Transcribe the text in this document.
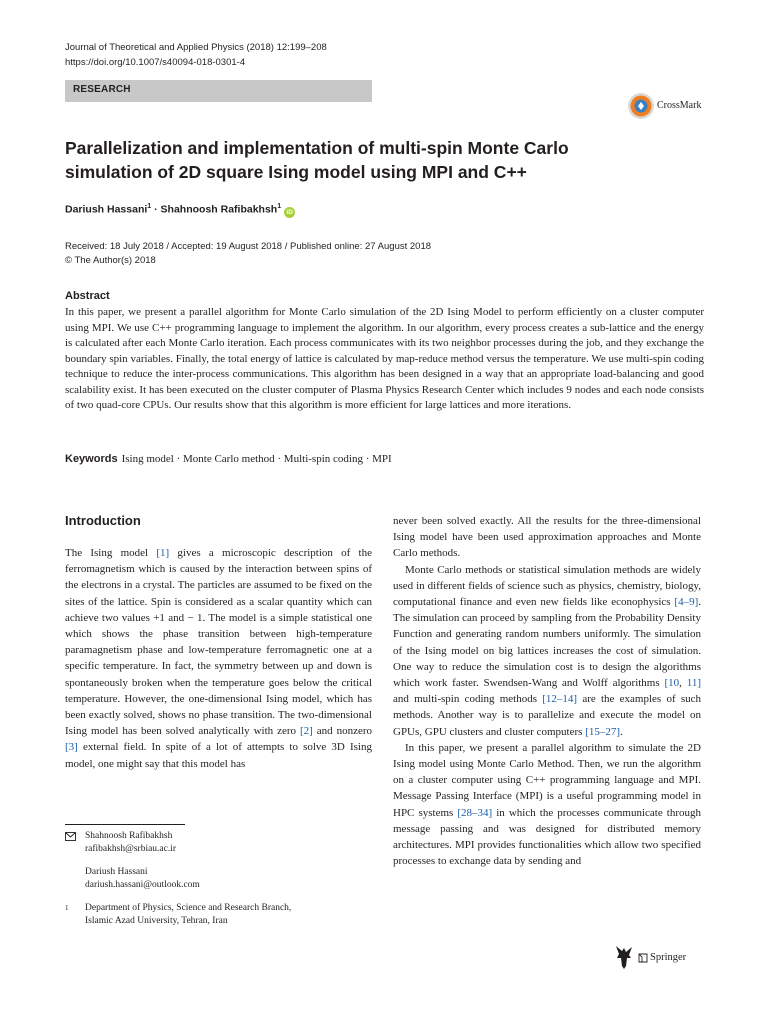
Journal of Theoretical and Applied Physics (2018) 12:199–208
https://doi.org/10.1007/s40094-018-0301-4
RESEARCH
CrossMark
Parallelization and implementation of multi-spin Monte Carlo
simulation of 2D square Ising model using MPI and C++
Dariush Hassani$^1$ · Shahnoosh Rafibakhsh$^1$iD
Received: 18 July 2018 / Accepted: 19 August 2018 / Published online: 27 August 2018
© The Author(s) 2018
Abstract
In this paper, we present a parallel algorithm for Monte Carlo simulation of the 2D Ising Model to perform efficiently on a cluster computer using MPI. We use C++ programming language to implement the algorithm. In our algorithm, every process creates a sub-lattice and the energy is calculated after each Monte Carlo iteration. Each process communicates with its two neighbor processes during the job, and they exchange the boundary spin variables. Finally, the total energy of lattice is calculated by map-reduce method versus the temperature. We use multi-spin coding technique to reduce the inter-process communications. This algorithm has been designed in a way that an appropriate load-balancing and good scalability exist. It has been executed on the cluster computer of Plasma Physics Research Center which includes 9 nodes and each node consists of two quad-core CPUs. Our results show that this algorithm is more efficient for large lattices and more iterations.
Keywords Ising model · Monte Carlo method · Multi-spin coding · MPI
Introduction

The Ising model [1] gives a microscopic description of the ferromagnetism which is caused by the interaction between spins of the electrons in a crystal. The particles are assumed to be fixed on the sites of the lattice. Spin is considered as a scalar quantity which can achieve two values +1 and − 1. The model is a simple statistical one which shows the phase transition between high-temperature paramagnetism phase and low-temperature ferromagnetic one at a specific temperature. In fact, the symmetry between up and down is spontaneously broken when the temperature goes below the critical temperature. However, the one-dimensional Ising model, which has been exactly solved, shows no phase transition. The two-dimensional Ising model has been solved analytically with zero [2] and nonzero [3] external field. In spite of a lot of attempts to solve 3D Ising model, one might say that this model has

never been solved exactly. All the results for the three-dimensional Ising model have been used approximation approaches and Monte Carlo methods.

Monte Carlo methods or statistical simulation methods are widely used in different fields of science such as physics, chemistry, biology, computational finance and even new fields like econophysics [4–9]. The simulation can proceed by sampling from the Probability Density Function and generating random numbers uniformly. The simulation of the Ising model on big lattices increases the cost of simulation. One way to reduce the simulation cost is to design the algorithms which work faster. Swendsen-Wang and Wolff algorithms [10, 11] and multi-spin coding methods [12–14] are the examples of such methods. Another way is to parallelize and execute the model on GPUs, GPU clusters and cluster computers [15–27].

In this paper, we present a parallel algorithm to simulate the 2D Ising model using Monte Carlo Method. Then, we run the algorithm on a cluster computer using C++ programming language and MPI. Message Passing Interface (MPI) is a useful programming model in HPC systems [28–34] in which the processes communicate through message passing and was designed for distributed memory architectures. MPI provides functionalities which allow two specified processes to exchange data by sending and

Shahnoosh Rafibakhsh
rafibakhsh@srbiau.ac.ir
Dariush Hassani
dariush.hassani@outlook.com
1 Department of Physics, Science and Research Branch,
Islamic Azad University, Tehran, Iran
Springer
